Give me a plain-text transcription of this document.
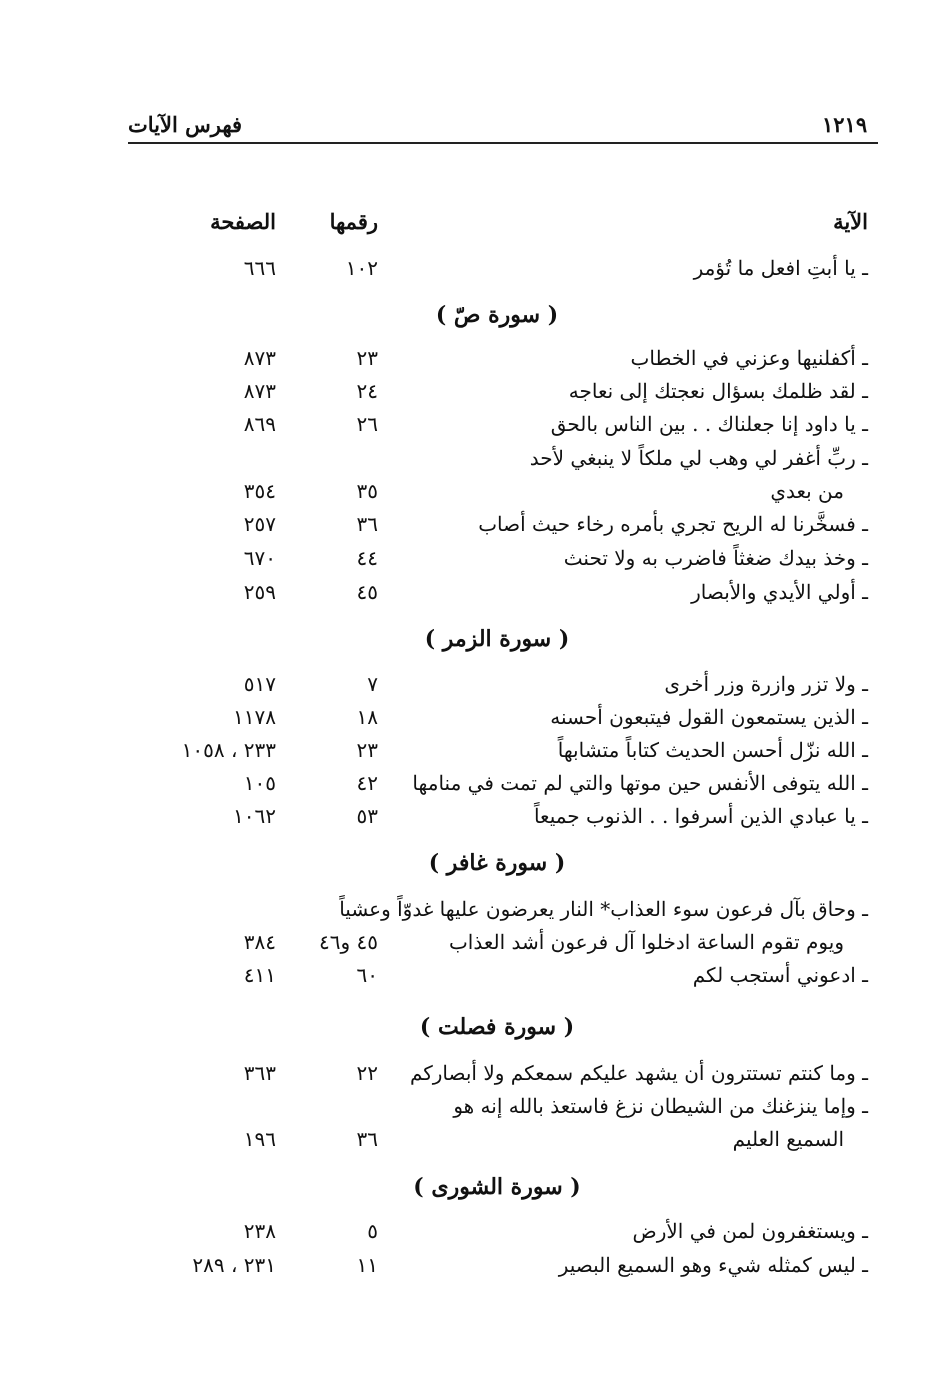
١٢١٩
فهرس الآيات
الآية
رقمها
الصفحة
ـ يا أبتِ افعل ما تُؤمر
١٠٢
٦٦٦
( سورة صّ )
ـ أكفلنيها وعزني في الخطاب
٢٣
٨٧٣
ـ لقد ظلمك بسؤال نعجتك إلى نعاجه
٢٤
٨٧٣
ـ يا داود إنا جعلناك . . بين الناس بالحق
٢٦
٨٦٩
ـ ربِّ أغفر لي وهب لي ملكاً لا ينبغي لأحد
من بعدي
٣٥
٣٥٤
ـ فسخَّرنا له الريح تجري بأمره رخاء حيث أصاب
٣٦
٢٥٧
ـ وخذ بيدك ضغثاً فاضرب به ولا تحنث
٤٤
٦٧٠
ـ أولي الأيدي والأبصار
٤٥
٢٥٩
( سورة الزمر )
ـ ولا تزر وازرة وزر أخرى
٧
٥١٧
ـ الذين يستمعون القول فيتبعون أحسنه
١٨
١١٧٨
ـ الله نزّل أحسن الحديث كتاباً متشابهاً
٢٣
٢٣٣ ، ١٠٥٨
ـ الله يتوفى الأنفس حين موتها والتي لم تمت في منامها
٤٢
١٠٥
ـ يا عبادي الذين أسرفوا . . الذنوب جميعاً
٥٣
١٠٦٢
( سورة غافر )
ـ وحاق بآل فرعون سوء العذاب* النار يعرضون عليها غدوّاً وعشياً
ويوم تقوم الساعة ادخلوا آل فرعون أشد العذاب
٤٥ و٤٦
٣٨٤
ـ ادعوني أستجب لكم
٦٠
٤١١
( سورة فصلت )
ـ وما كنتم تستترون أن يشهد عليكم سمعكم ولا أبصاركم
٢٢
٣٦٣
ـ وإما ينزغنك من الشيطان نزغ فاستعذ بالله إنه هو
السميع العليم
٣٦
١٩٦
( سورة الشورى )
ـ ويستغفرون لمن في الأرض
٥
٢٣٨
ـ ليس كمثله شيء وهو السميع البصير
١١
٢٣١ ، ٢٨٩
